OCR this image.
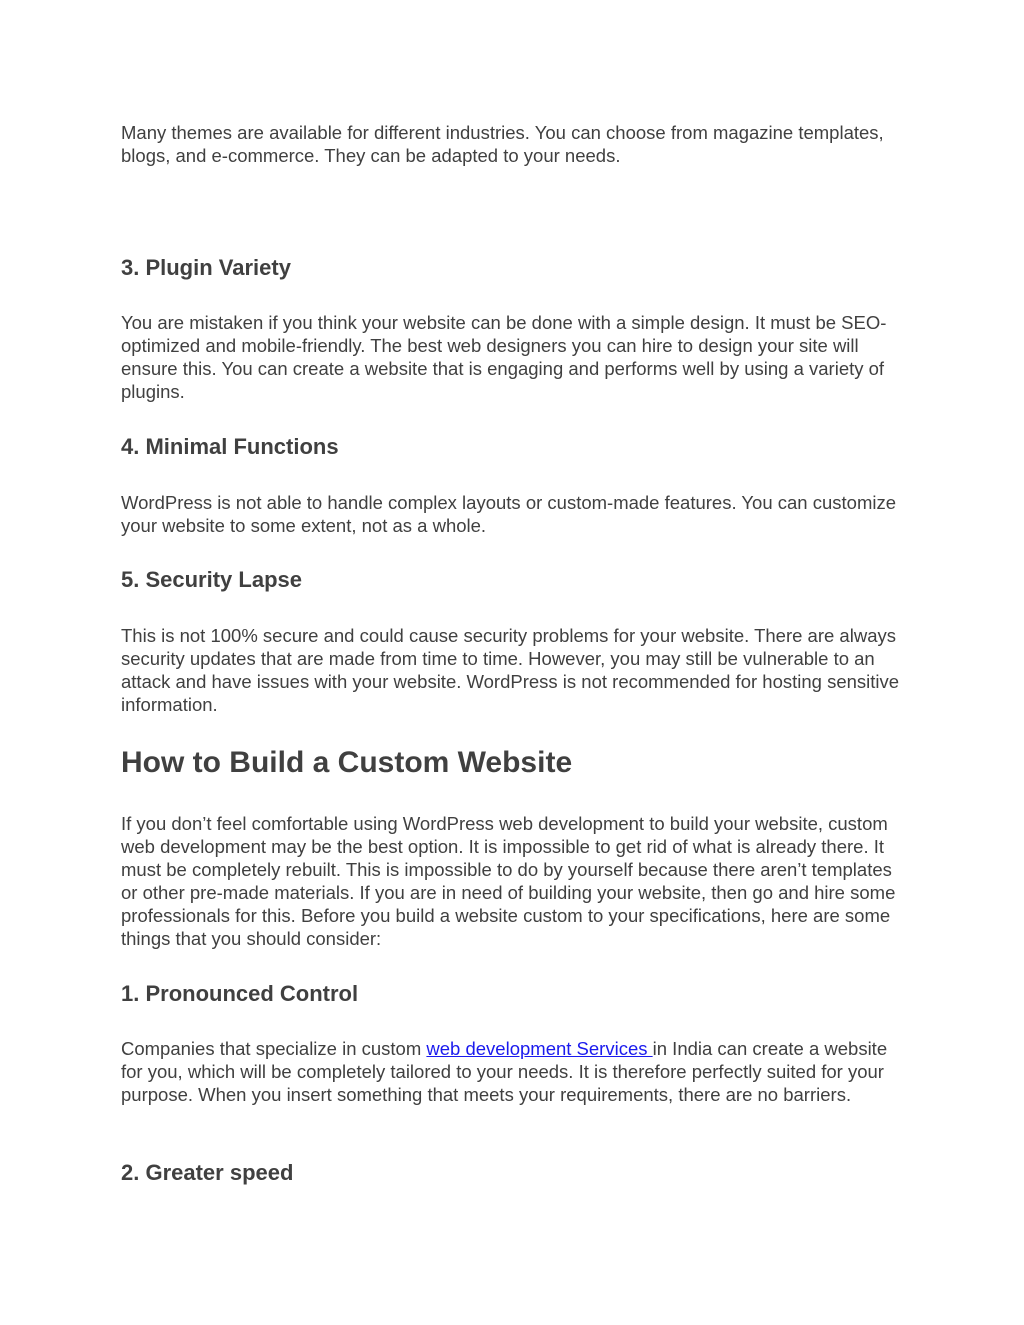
Many themes are available for different industries. You can choose from magazine templates, blogs, and e-commerce. They can be adapted to your needs.

3. Plugin Variety

You are mistaken if you think your website can be done with a simple design. It must be SEO-optimized and mobile-friendly. The best web designers you can hire to design your site will ensure this. You can create a website that is engaging and performs well by using a variety of plugins.

4. Minimal Functions

WordPress is not able to handle complex layouts or custom-made features. You can customize your website to some extent, not as a whole.

5. Security Lapse

This is not 100% secure and could cause security problems for your website. There are always security updates that are made from time to time. However, you may still be vulnerable to an attack and have issues with your website. WordPress is not recommended for hosting sensitive information.

How to Build a Custom Website

If you don’t feel comfortable using WordPress web development to build your website, custom web development may be the best option. It is impossible to get rid of what is already there. It must be completely rebuilt. This is impossible to do by yourself because there aren’t templates or other pre-made materials. If you are in need of building your website, then go and hire some professionals for this. Before you build a website custom to your specifications, here are some things that you should consider:

1. Pronounced Control

Companies that specialize in custom web development Services in India can create a website for you, which will be completely tailored to your needs. It is therefore perfectly suited for your purpose. When you insert something that meets your requirements, there are no barriers.

2. Greater speed
